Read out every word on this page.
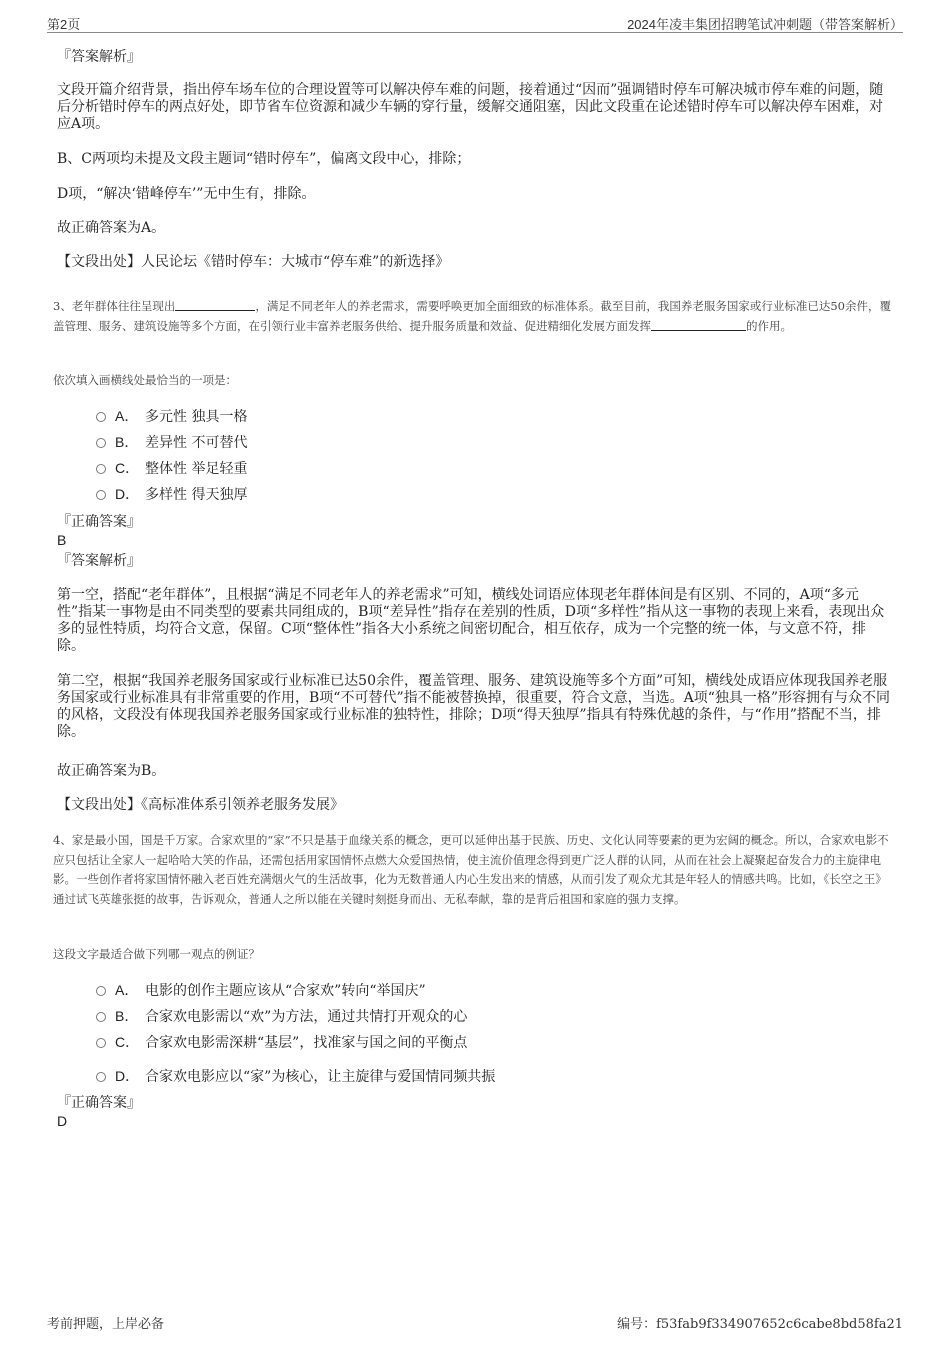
第2页	2024年凌丰集团招聘笔试冲刺题（带答案解析）
『答案解析』
文段开篇介绍背景，指出停车场车位的合理设置等可以解决停车难的问题，接着通过“因而”强调错时停车可解决城市停车难的问题，随后分析错时停车的两点好处，即节省车位资源和减少车辆的穿行量，缓解交通阻塞，因此文段重在论述错时停车可以解决停车困难，对应A项。
B、C两项均未提及文段主题词“错时停车”，偏离文段中心，排除；
D项，“解决‘错峰停车’”无中生有，排除。
故正确答案为A。
【文段出处】人民论坛《错时停车：大城市“停车难”的新选择》
3、老年群体往往呈现出	，满足不同老年人的养老需求，需要呼唤更加全面细致的标准体系。截至目前，我国养老服务国家或行业标准已达50余件，覆盖管理、服务、建筑设施等多个方面，在引领行业丰富养老服务供给、提升服务质量和效益、促进精细化发展方面发挥	的作用。
依次填入画横线处最恰当的一项是：
A． 多元性 独具一格
B． 差异性 不可替代
C． 整体性 举足轻重
D． 多样性 得天独厚
『正确答案』
B
『答案解析』
第一空，搭配“老年群体”，且根据“满足不同老年人的养老需求”可知，横线处词语应体现老年群体间是有区别、不同的，A项“多元性”指某一事物是由不同类型的要素共同组成的，B项“差异性”指存在差别的性质，D项“多样性”指从这一事物的表现上来看，表现出众多的显性特质，均符合文意，保留。C项“整体性”指各大小系统之间密切配合，相互依存，成为一个完整的统一体，与文意不符，排除。
第二空，根据“我国养老服务国家或行业标准已达50余件，覆盖管理、服务、建筑设施等多个方面”可知，横线处成语应体现我国养老服务国家或行业标准具有非常重要的作用，B项“不可替代”指不能被替换掉，很重要，符合文意，当选。A项“独具一格”形容拥有与众不同的风格，文段没有体现我国养老服务国家或行业标准的独特性，排除；D项“得天独厚”指具有特殊优越的条件，与“作用”搭配不当，排除。
故正确答案为B。
【文段出处】《高标准体系引领养老服务发展》
4、家是最小国，国是千万家。合家欢里的“家”不只是基于血缘关系的概念，更可以延伸出基于民族、历史、文化认同等要素的更为宏阔的概念。所以，合家欢电影不应只包括让全家人一起哈哈大笑的作品，还需包括用家国情怀点燃大众爱国热情，使主流价值理念得到更广泛人群的认同，从而在社会上凝聚起奋发合力的主旋律电影。一些创作者将家国情怀融入老百姓充满烟火气的生活故事，化为无数普通人内心生发出来的情感，从而引发了观众尤其是年轻人的情感共鸣。比如，《长空之王》通过试飞英雄张挺的故事，告诉观众，普通人之所以能在关键时刻挺身而出、无私奉献，靠的是背后祖国和家庭的强力支撑。
这段文字最适合做下列哪一观点的例证？
A． 电影的创作主题应该从“合家欢”转向“举国庆”
B． 合家欢电影需以“欢”为方法，通过共情打开观众的心
C． 合家欢电影需深耕“基层”，找准家与国之间的平衡点
D． 合家欢电影应以“家”为核心，让主旋律与爱国情同频共振
『正确答案』
D
考前押题，上岸必备	编号：f53fab9f334907652c6cabe8bd58fa21
